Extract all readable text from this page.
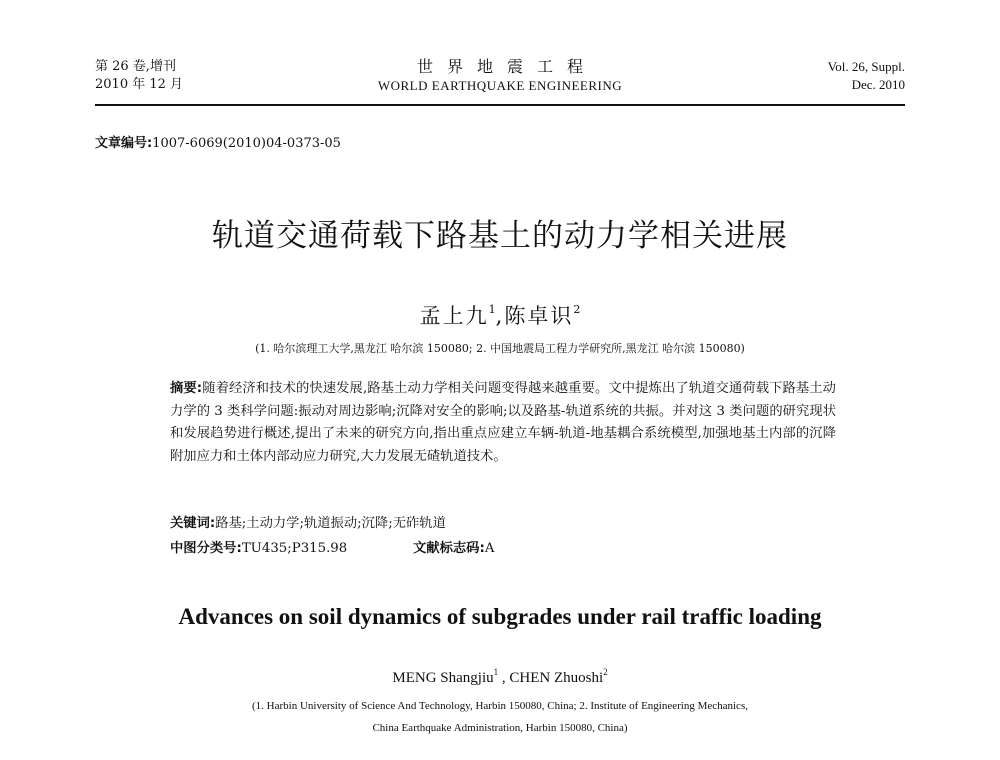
第 26 卷,增刊
2010 年 12 月
世界地震工程
WORLD EARTHQUAKE ENGINEERING
Vol. 26, Suppl.
Dec. 2010
文章编号:1007-6069(2010)04-0373-05
轨道交通荷载下路基土的动力学相关进展
孟上九$^1$,陈卓识$^2$
(1. 哈尔滨理工大学,黑龙江 哈尔滨 150080; 2. 中国地震局工程力学研究所,黑龙江 哈尔滨 150080)
摘要:随着经济和技术的快速发展,路基土动力学相关问题变得越来越重要。文中提炼出了轨道交通荷载下路基土动力学的 3 类科学问题:振动对周边影响;沉降对安全的影响;以及路基-轨道系统的共振。并对这 3 类问题的研究现状和发展趋势进行概述,提出了未来的研究方向,指出重点应建立车辆-轨道-地基耦合系统模型,加强地基土内部的沉降附加应力和土体内部动应力研究,大力发展无碴轨道技术。
关键词:路基;土动力学;轨道振动;沉降;无砟轨道
中图分类号:TU435;P315.98	文献标志码:A
Advances on soil dynamics of subgrades under rail traffic loading
MENG Shangjiu$^1$ , CHEN Zhuoshi$^2$
(1. Harbin University of Science And Technology, Harbin 150080, China; 2. Institute of Engineering Mechanics,
China Earthquake Administration, Harbin 150080, China)
